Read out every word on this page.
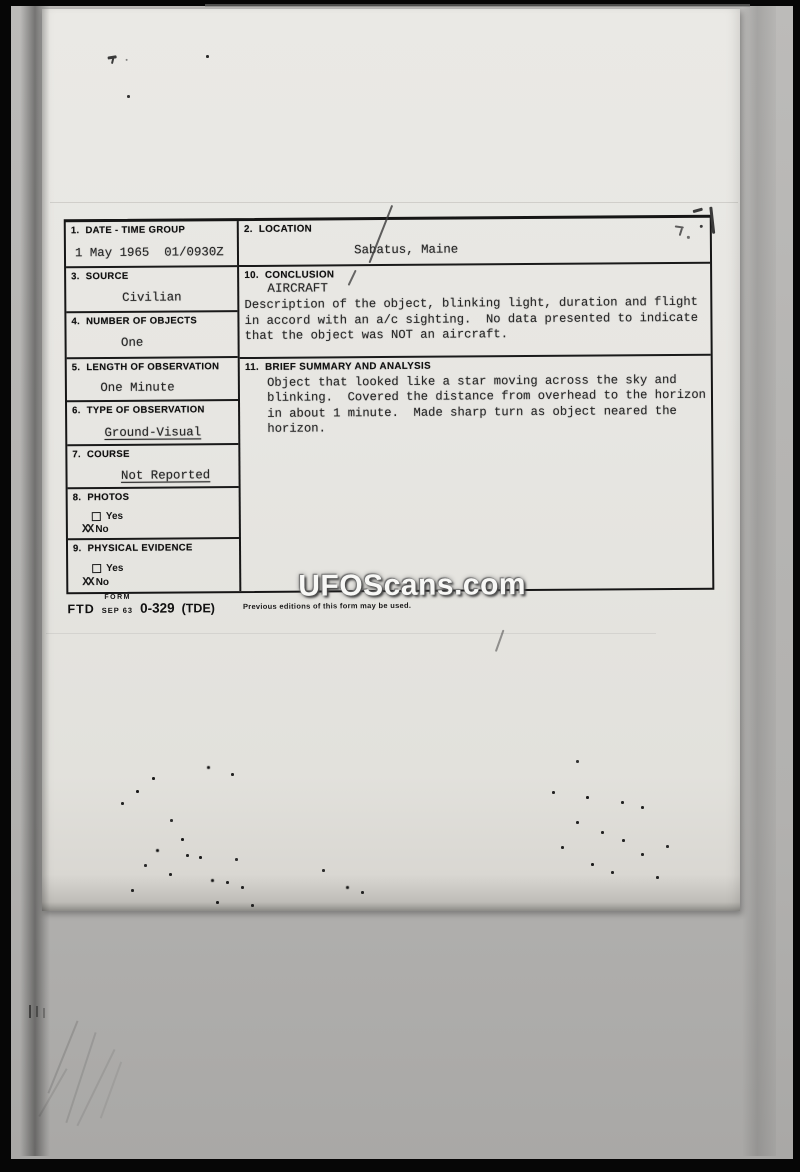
1. DATE - TIME GROUP
1 May 1965  01/0930Z
3. SOURCE
Civilian
4. NUMBER OF OBJECTS
One
5. LENGTH OF OBSERVATION
One Minute
6. TYPE OF OBSERVATION
Ground-Visual
7. COURSE
Not Reported
8. PHOTOS
Yes
XX No
9. PHYSICAL EVIDENCE
Yes
XX No
2. LOCATION
Sabatus, Maine
10. CONCLUSION
AIRCRAFT
Description of the object, blinking light, duration and flight
in accord with an a/c sighting.  No data presented to indicate
that the object was NOT an aircraft.
11. BRIEF SUMMARY AND ANALYSIS
Object that looked like a star moving across the sky and
blinking.  Covered the distance from overhead to the horizon
in about 1 minute.  Made sharp turn as object neared the
horizon.
FORM
FTD SEP 63 0-329 (TDE)	Previous editions of this form may be used.
UFOScans.com
